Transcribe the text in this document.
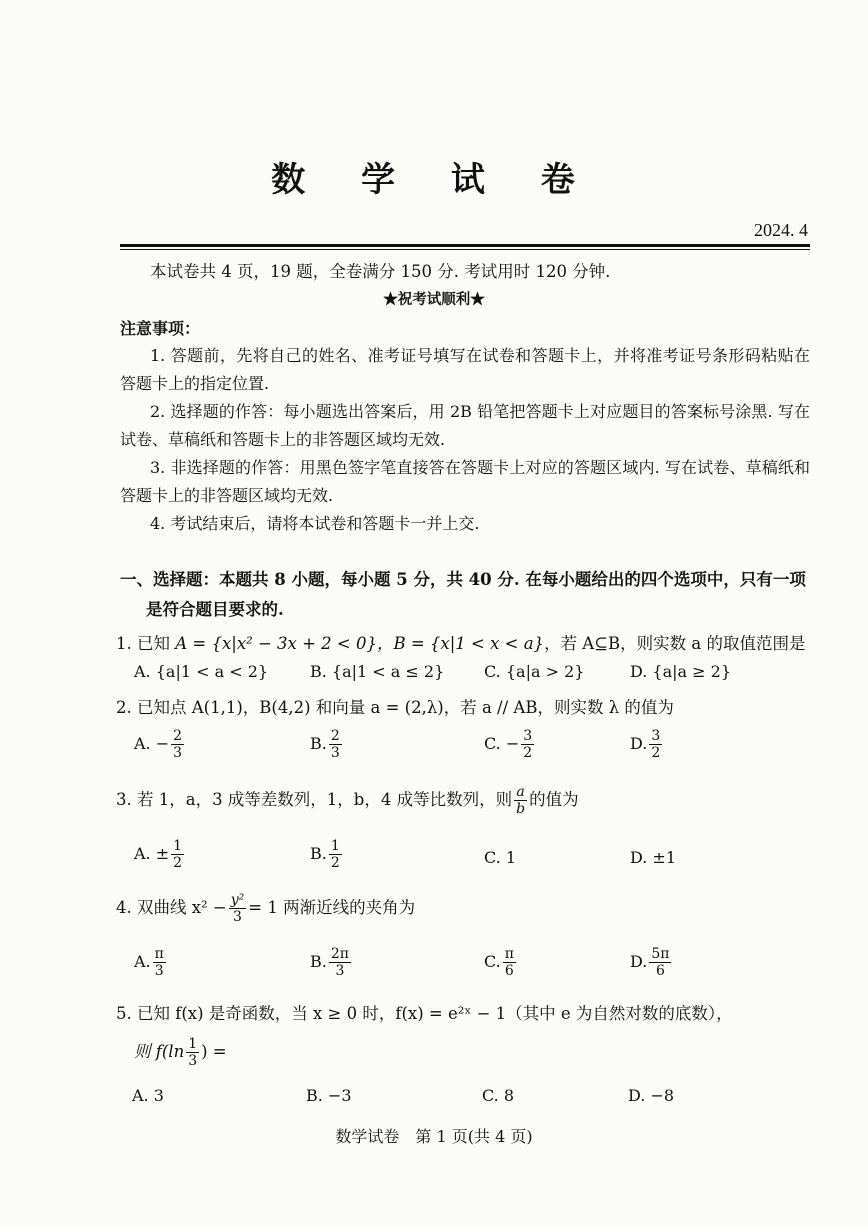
数 学 试 卷
2024. 4
本试卷共 4 页，19 题，全卷满分 150 分. 考试用时 120 分钟.
★祝考试顺利★
注意事项：
1. 答题前，先将自己的姓名、准考证号填写在试卷和答题卡上，并将准考证号条形码粘贴在答题卡上的指定位置.
2. 选择题的作答：每小题选出答案后，用 2B 铅笔把答题卡上对应题目的答案标号涂黑. 写在试卷、草稿纸和答题卡上的非答题区域均无效.
3. 非选择题的作答：用黑色签字笔直接答在答题卡上对应的答题区域内. 写在试卷、草稿纸和答题卡上的非答题区域均无效.
4. 考试结束后，请将本试卷和答题卡一并上交.
一、选择题：本题共 8 小题，每小题 5 分，共 40 分. 在每小题给出的四个选项中，只有一项
是符合题目要求的.
1. 已知 A = {x|x² − 3x + 2 < 0}，B = {x|1 < x < a}，若 A⊆B，则实数 a 的取值范围是
A. {a|1 < a < 2}	B. {a|1 < a ≤ 2} C. {a|a > 2}	D. {a|a ≥ 2}
2. 已知点 A(1,1)，B(4,2) 和向量 a = (2,λ)，若 a // AB，则实数 λ 的值为
A. − $\frac{2}{3}$	B. $\frac{2}{3}$	C. − $\frac{3}{2}$	D. $\frac{3}{2}$
3. 若 1，a，3 成等差数列，1，b，4 成等比数列，则 $\frac{a}{b}$ 的值为
A. ± $\frac{1}{2}$	B. $\frac{1}{2}$	C. 1	D. ±1
4. 双曲线 $x^2 - \frac{\text{y²}}{3} = 1$ 两渐近线的夹角为
A. $\frac{\pi}{3}$	B. $\frac{2\pi}{3}$	C. $\frac{\pi}{6}$	D. $\frac{5\pi}{6}$
5. 已知 f(x) 是奇函数，当 x ≥ 0 时，f(x) = e²ˣ − 1（其中 e 为自然对数的底数），
则 $f(\ln \frac{1}{3}$ ) =
A. 3	B. −3	C. 8	D. −8
数学试卷　第 1 页(共 4 页)
